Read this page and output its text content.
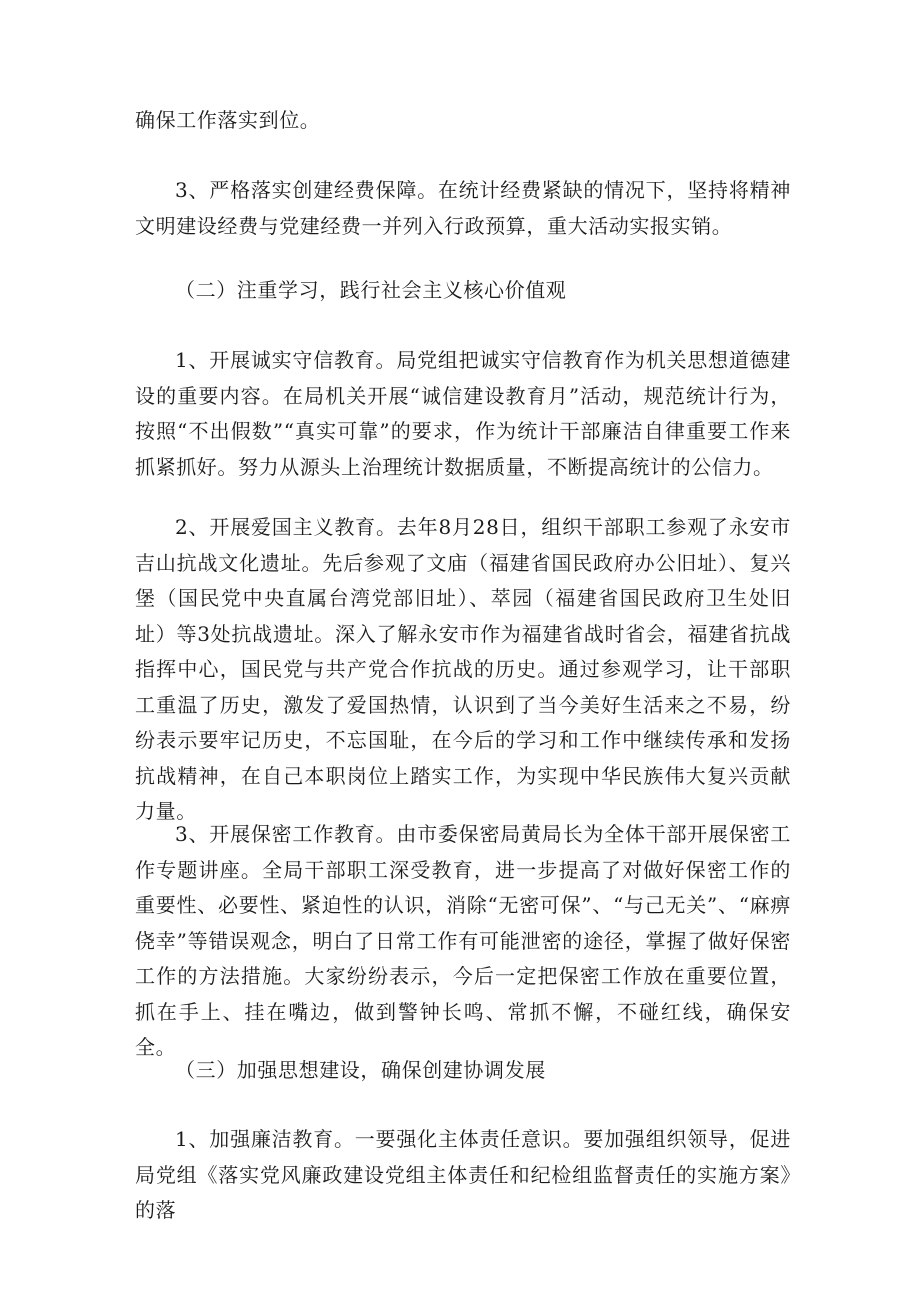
确保工作落实到位。

3、严格落实创建经费保障。在统计经费紧缺的情况下，坚持将精神文明建设经费与党建经费一并列入行政预算，重大活动实报实销。

（二）注重学习，践行社会主义核心价值观

1、开展诚实守信教育。局党组把诚实守信教育作为机关思想道德建设的重要内容。在局机关开展“诚信建设教育月”活动，规范统计行为，按照“不出假数”“真实可靠”的要求，作为统计干部廉洁自律重要工作来抓紧抓好。努力从源头上治理统计数据质量，不断提高统计的公信力。

2、开展爱国主义教育。去年8月28日，组织干部职工参观了永安市吉山抗战文化遗址。先后参观了文庙（福建省国民政府办公旧址）、复兴堡（国民党中央直属台湾党部旧址）、萃园（福建省国民政府卫生处旧址）等3处抗战遗址。深入了解永安市作为福建省战时省会，福建省抗战指挥中心，国民党与共产党合作抗战的历史。通过参观学习，让干部职工重温了历史，激发了爱国热情，认识到了当今美好生活来之不易，纷纷表示要牢记历史，不忘国耻，在今后的学习和工作中继续传承和发扬抗战精神，在自己本职岗位上踏实工作，为实现中华民族伟大复兴贡献力量。

3、开展保密工作教育。由市委保密局黄局长为全体干部开展保密工作专题讲座。全局干部职工深受教育，进一步提高了对做好保密工作的重要性、必要性、紧迫性的认识，消除“无密可保”、“与己无关”、“麻痹侥幸”等错误观念，明白了日常工作有可能泄密的途径，掌握了做好保密工作的方法措施。大家纷纷表示，今后一定把保密工作放在重要位置，抓在手上、挂在嘴边，做到警钟长鸣、常抓不懈，不碰红线，确保安全。

（三）加强思想建设，确保创建协调发展

1、加强廉洁教育。一要强化主体责任意识。要加强组织领导，促进局党组《落实党风廉政建设党组主体责任和纪检组监督责任的实施方案》的落
